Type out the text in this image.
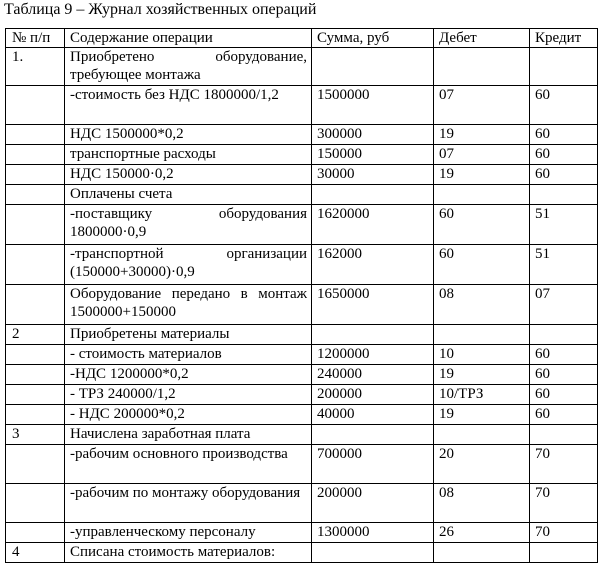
Таблица 9 – Журнал хозяйственных операций
№ п/п	Содержание операции	Сумма, руб	Дебет	Кредит
1.	Приобретено оборудование, требующее монтажа			
	-стоимость без НДС 1800000/1,2	1500000	07	60
	НДС 1500000*0,2	300000	19	60
	транспортные расходы	150000	07	60
	НДС 150000·0,2	30000	19	60
	Оплачены счета			
	-поставщику оборудования 1800000·0,9	1620000	60	51
	-транспортной организации (150000+30000)·0,9	162000	60	51
	Оборудование передано в монтаж 1500000+150000	1650000	08	07
2	Приобретены материалы			
	- стоимость материалов	1200000	10	60
	-НДС 1200000*0,2	240000	19	60
	- ТРЗ 240000/1,2	200000	10/ТРЗ	60
	- НДС 200000*0,2	40000	19	60
3	Начислена заработная плата			
	-рабочим основного производства	700000	20	70
	-рабочим по монтажу оборудования	200000	08	70
	-управленческому персоналу	1300000	26	70
4	Списана стоимость материалов:			
